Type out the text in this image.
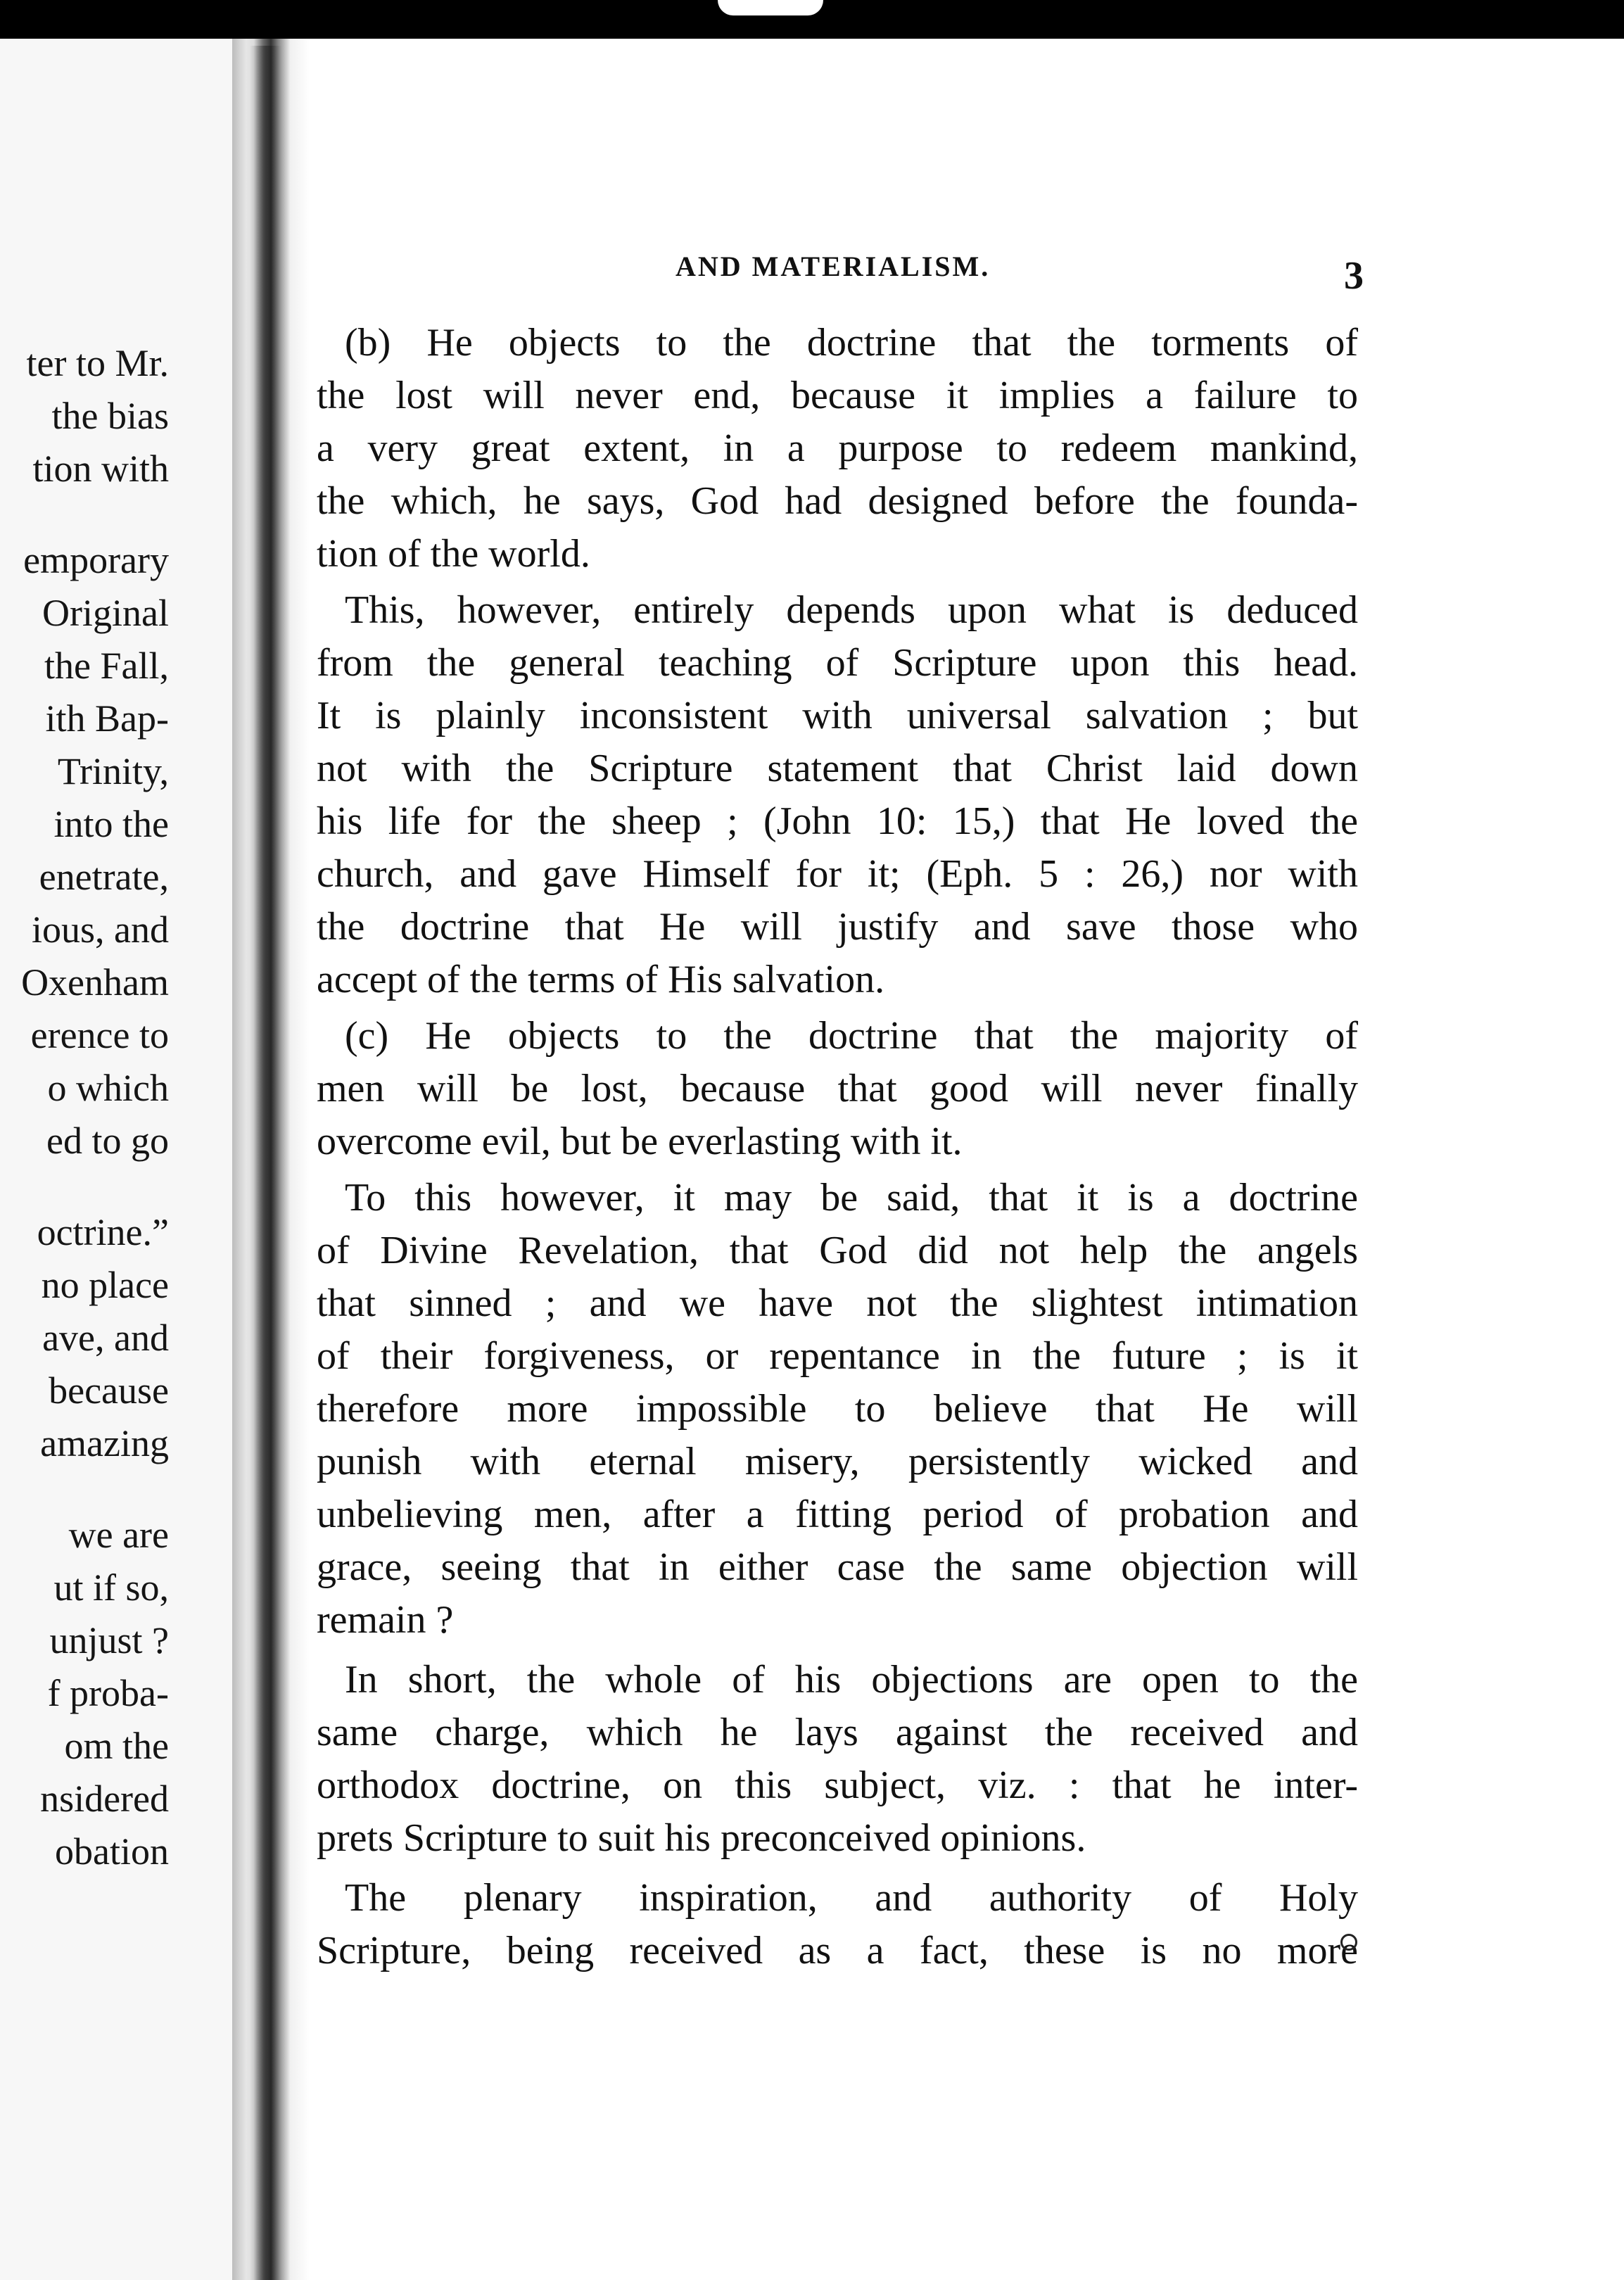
ter to Mr.
the bias
tion with
emporary
Original
the Fall,
ith Bap-
Trinity,
into the
enetrate,
ious, and
Oxenham
erence to
o which
ed to go
octrine.”
no place
ave, and
because
amazing
we are
ut if so,
unjust ?
f proba-
om the
nsidered
obation
AND MATERIALISM.	3
(b) He objects to the doctrine that the torments of
the lost will never end, because it implies a failure to
a very great extent, in a purpose to redeem mankind,
the which, he says, God had designed before the founda-
tion of the world.
This, however, entirely depends upon what is deduced
from the general teaching of Scripture upon this head.
It is plainly inconsistent with universal salvation ; but
not with the Scripture statement that Christ laid down
his life for the sheep ; (John 10: 15,) that He loved the
church, and gave Himself for it; (Eph. 5 : 26,) nor with
the doctrine that He will justify and save those who
accept of the terms of His salvation.
(c) He objects to the doctrine that the majority of
men will be lost, because that good will never finally
overcome evil, but be everlasting with it.
To this however, it may be said, that it is a doctrine
of Divine Revelation, that God did not help the angels
that sinned ; and we have not the slightest intimation
of their forgiveness, or repentance in the future ; is it
therefore more impossible to believe that He will
punish with eternal misery, persistently wicked and
unbelieving men, after a fitting period of probation and
grace, seeing that in either case the same objection will
remain ?
In short, the whole of his objections are open to the
same charge, which he lays against the received and
orthodox doctrine, on this subject, viz. : that he inter-
prets Scripture to suit his preconceived opinions.
The plenary inspiration, and authority of Holy
Scripture, being received as a fact, these is no more
